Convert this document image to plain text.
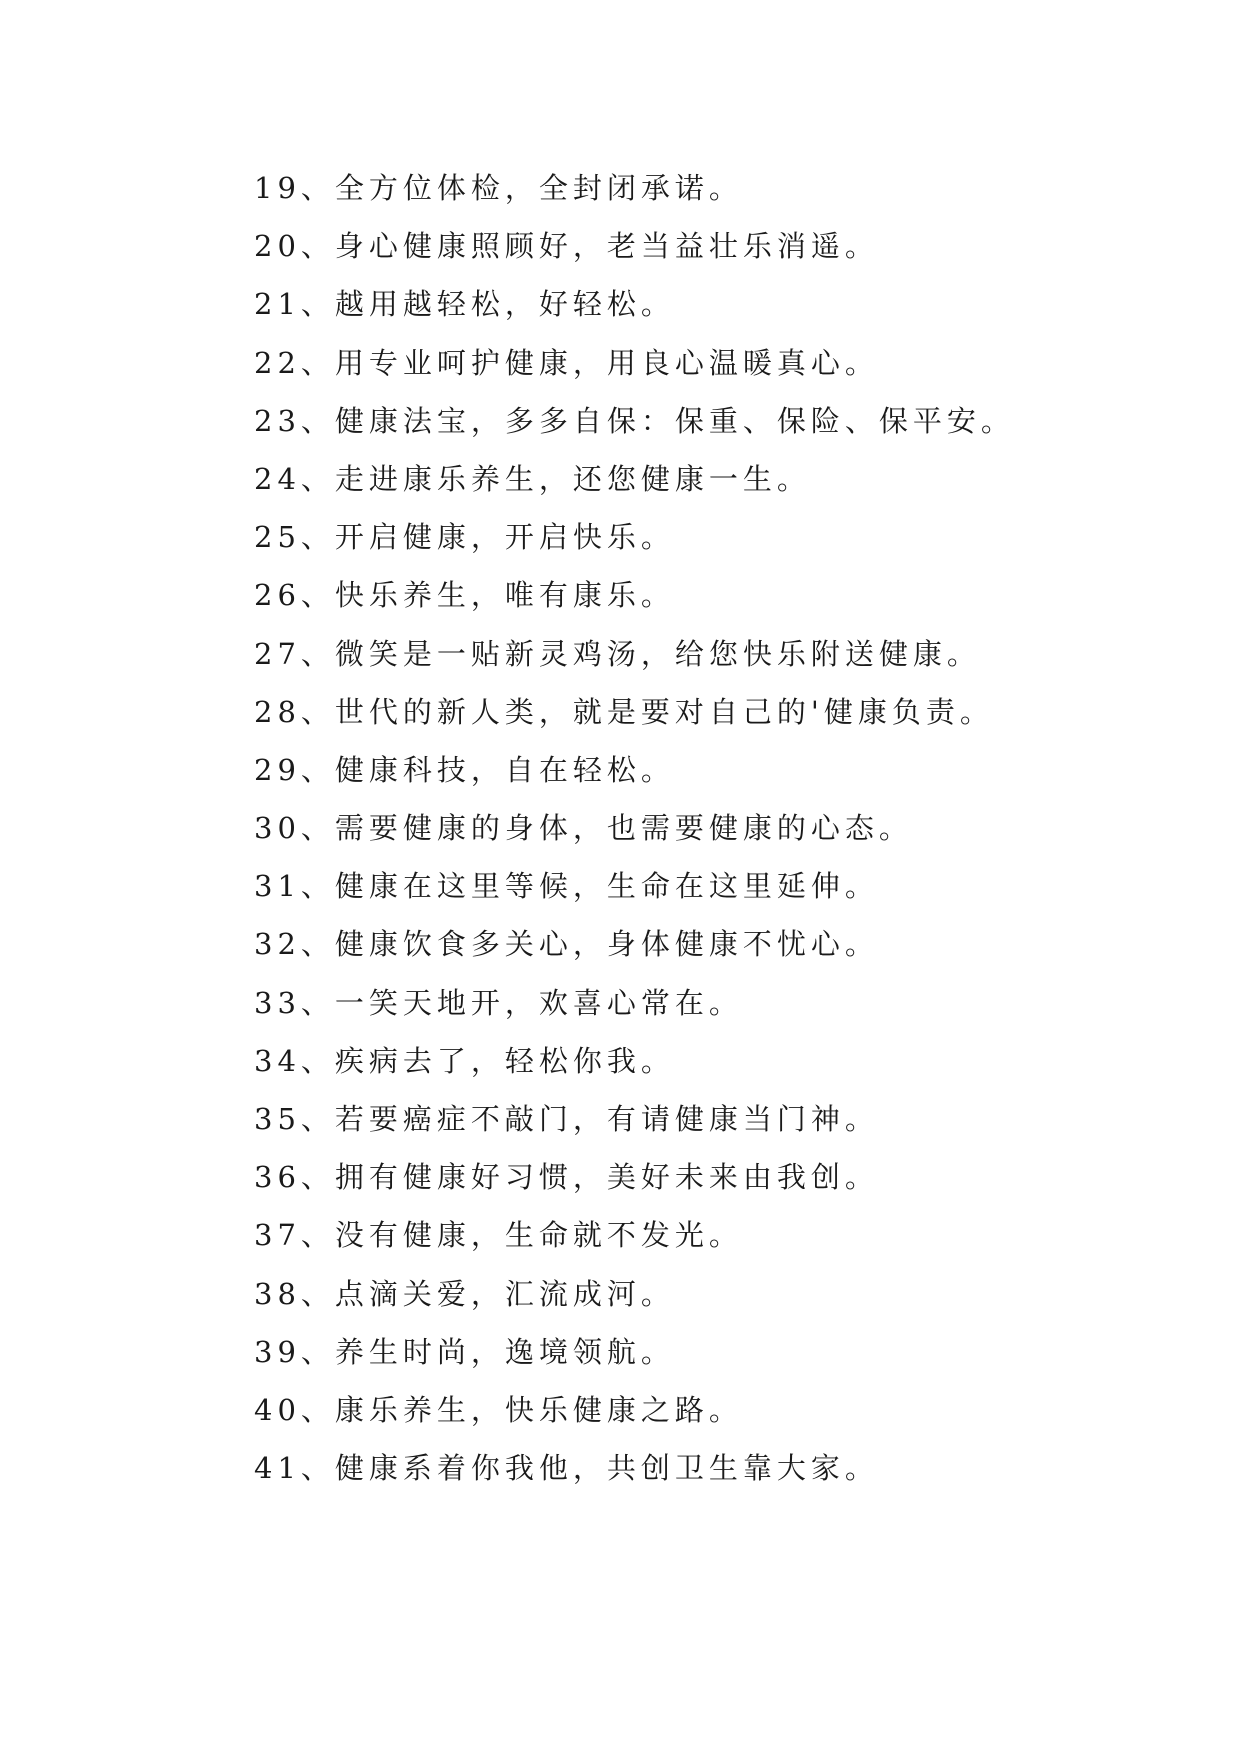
19、全方位体检，全封闭承诺。
20、身心健康照顾好，老当益壮乐消遥。
21、越用越轻松，好轻松。
22、用专业呵护健康，用良心温暖真心。
23、健康法宝，多多自保：保重、保险、保平安。
24、走进康乐养生，还您健康一生。
25、开启健康，开启快乐。
26、快乐养生，唯有康乐。
27、微笑是一贴新灵鸡汤，给您快乐附送健康。
28、世代的新人类，就是要对自己的'健康负责。
29、健康科技，自在轻松。
30、需要健康的身体，也需要健康的心态。
31、健康在这里等候，生命在这里延伸。
32、健康饮食多关心，身体健康不忧心。
33、一笑天地开，欢喜心常在。
34、疾病去了，轻松你我。
35、若要癌症不敲门，有请健康当门神。
36、拥有健康好习惯，美好未来由我创。
37、没有健康，生命就不发光。
38、点滴关爱，汇流成河。
39、养生时尚，逸境领航。
40、康乐养生，快乐健康之路。
41、健康系着你我他，共创卫生靠大家。
